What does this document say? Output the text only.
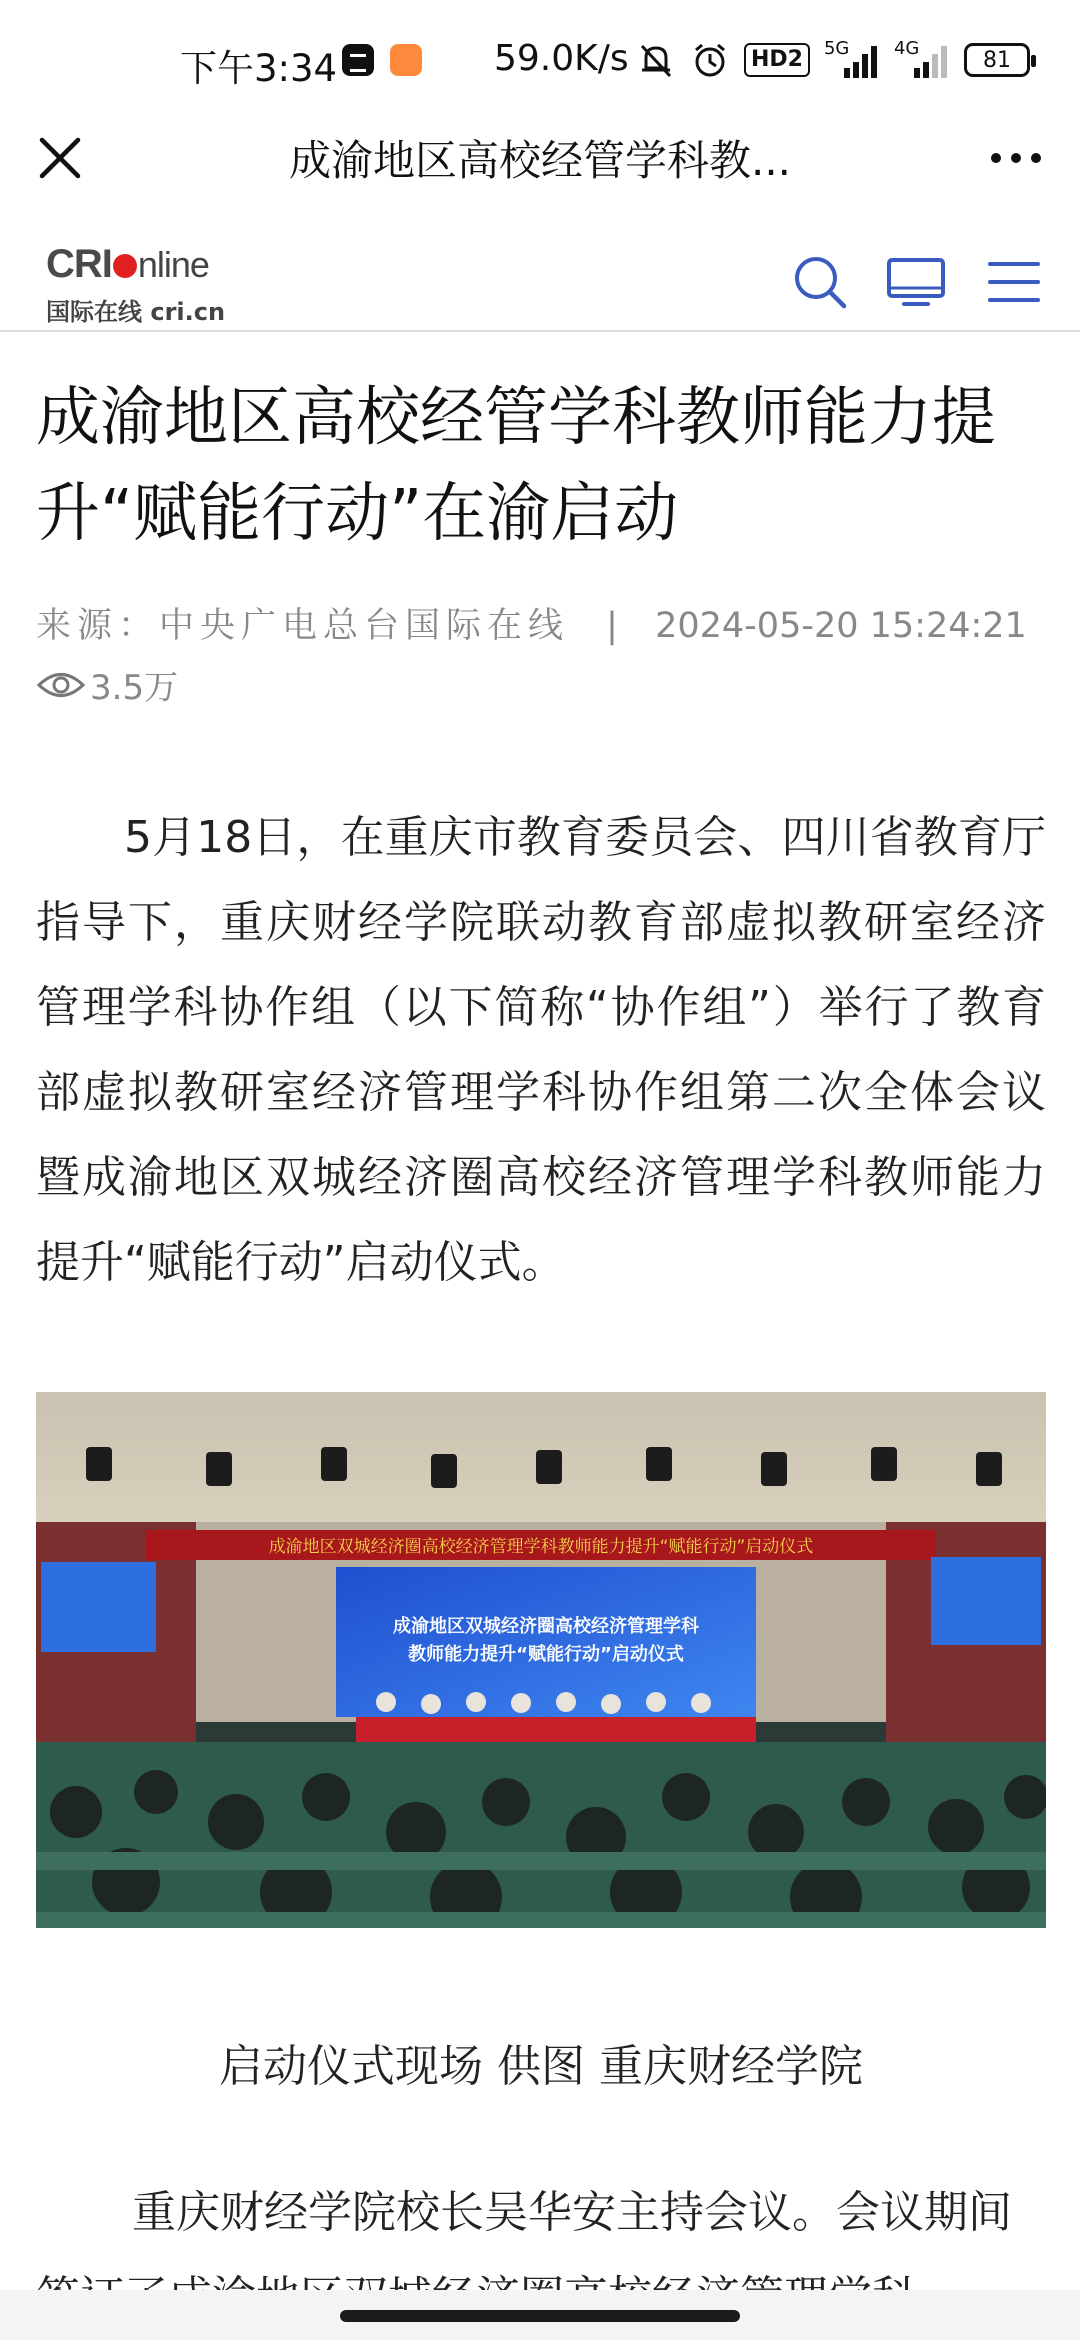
下午3:34	59.0K/s	HD2	5G 4G	81
成渝地区高校经管学科教...
CRI nline
国际在线 cri.cn
成渝地区高校经管学科教师能力提升“赋能行动”在渝启动
来源：中央广电总台国际在线 | 2024-05-20 15:24:21
3.5万

5月18日，在重庆市教育委员会、四川省教育厅指导下，重庆财经学院联动教育部虚拟教研室经济管理学科协作组（以下简称“协作组”）举行了教育部虚拟教研室经济管理学科协作组第二次全体会议暨成渝地区双城经济圈高校经济管理学科教师能力提升“赋能行动”启动仪式。

成渝地区双城经济圈高校经济管理学科教师能力提升“赋能行动”启动仪式
成渝地区双城经济圈高校经济管理学科
教师能力提升“赋能行动”启动仪式
启动仪式现场 供图 重庆财经学院

重庆财经学院校长吴华安主持会议。会议期间
